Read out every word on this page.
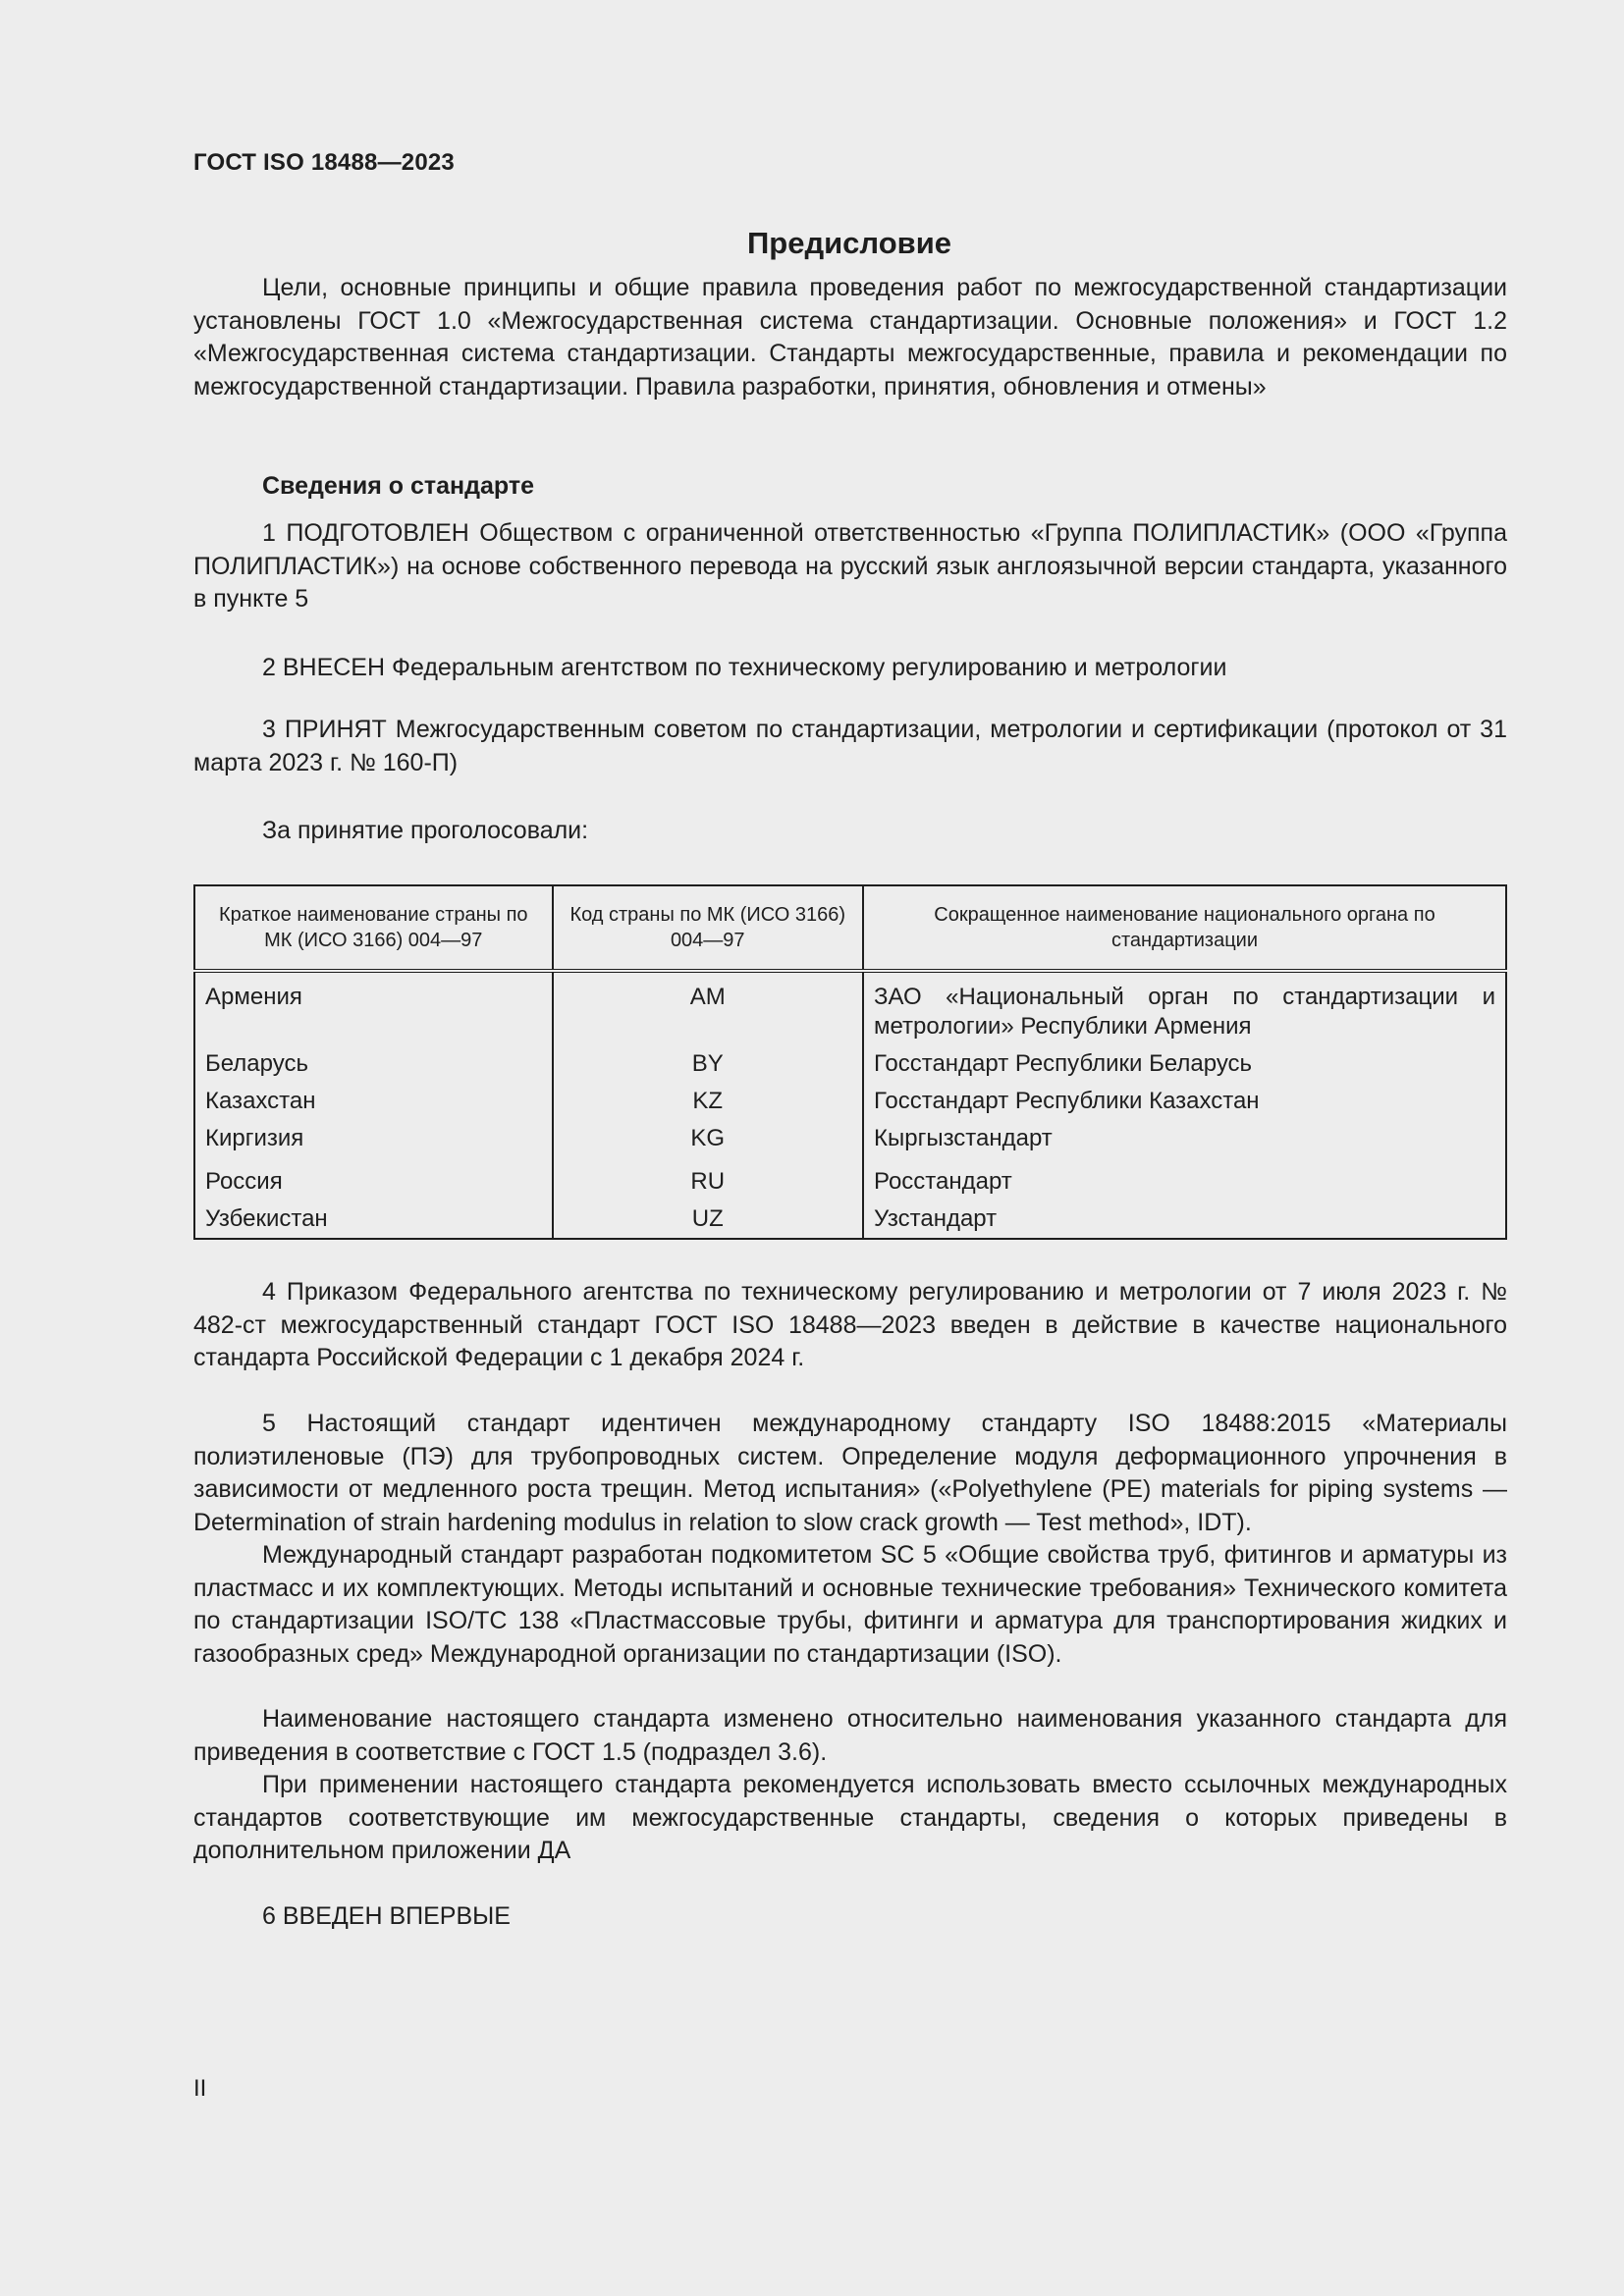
ГОСТ ISO 18488—2023
Предисловие

Цели, основные принципы и общие правила проведения работ по межгосударственной стандартизации установлены ГОСТ 1.0 «Межгосударственная система стандартизации. Основные положения» и ГОСТ 1.2 «Межгосударственная система стандартизации. Стандарты межгосударственные, правила и рекомендации по межгосударственной стандартизации. Правила разработки, принятия, обновления и отмены»

Сведения о стандарте

1 ПОДГОТОВЛЕН Обществом с ограниченной ответственностью «Группа ПОЛИПЛАСТИК» (ООО «Группа ПОЛИПЛАСТИК») на основе собственного перевода на русский язык англоязычной версии стандарта, указанного в пункте 5

2 ВНЕСЕН Федеральным агентством по техническому регулированию и метрологии

3 ПРИНЯТ Межгосударственным советом по стандартизации, метрологии и сертификации (протокол от 31 марта 2023 г. № 160-П)

За принятие проголосовали:
Краткое наименование страны по МК (ИСО 3166) 004—97	Код страны по МК (ИСО 3166) 004—97	Сокращенное наименование национального органа по стандартизации
Армения	AM	ЗАО «Национальный орган по стандартизации и метрологии» Республики Армения
Беларусь	BY	Госстандарт Республики Беларусь
Казахстан	KZ	Госстандарт Республики Казахстан
Киргизия	KG	Кыргызстандарт
Россия	RU	Росстандарт
Узбекистан	UZ	Узстандарт

4 Приказом Федерального агентства по техническому регулированию и метрологии от 7 июля 2023 г. № 482-ст межгосударственный стандарт ГОСТ ISO 18488—2023 введен в действие в качестве национального стандарта Российской Федерации с 1 декабря 2024 г.

5 Настоящий стандарт идентичен международному стандарту ISO 18488:2015 «Материалы полиэтиленовые (ПЭ) для трубопроводных систем. Определение модуля деформационного упрочнения в зависимости от медленного роста трещин. Метод испытания» («Polyethylene (PE) materials for piping systems — Determination of strain hardening modulus in relation to slow crack growth — Test method», IDT).

Международный стандарт разработан подкомитетом SC 5 «Общие свойства труб, фитингов и арматуры из пластмасс и их комплектующих. Методы испытаний и основные технические требования» Технического комитета по стандартизации ISO/TC 138 «Пластмассовые трубы, фитинги и арматура для транспортирования жидких и газообразных сред» Международной организации по стандартизации (ISO).

Наименование настоящего стандарта изменено относительно наименования указанного стандарта для приведения в соответствие с ГОСТ 1.5 (подраздел 3.6).

При применении настоящего стандарта рекомендуется использовать вместо ссылочных международных стандартов соответствующие им межгосударственные стандарты, сведения о которых приведены в дополнительном приложении ДА

6 ВВЕДЕН ВПЕРВЫЕ
II
